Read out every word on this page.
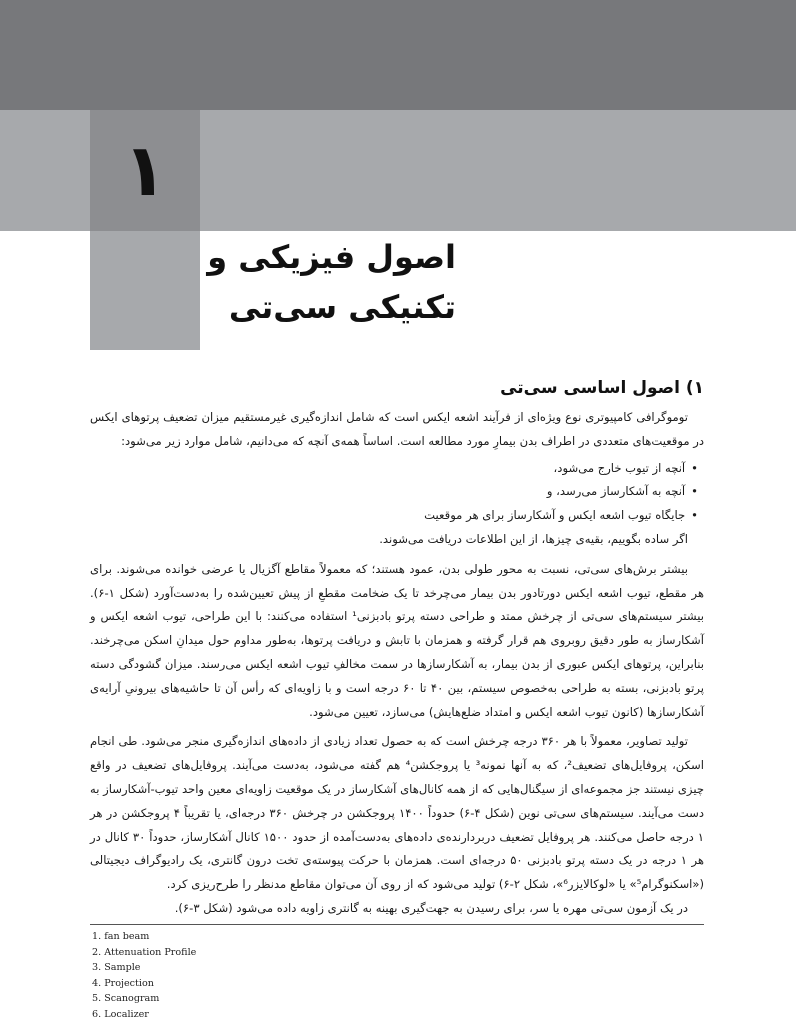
۱
اصول فیزیکی و تکنیکی سی‌تی
۱) اصول اساسی سی‌تی

توموگرافی کامپیوتری نوع ویژه‌ای از فرآیند اشعه ایکس است که شامل اندازه‌گیری غیرمستقیم میزان تضعیف پرتوهای ایکس در موقعیت‌های متعددی در اطراف بدن بیمارِ مورد مطالعه است. اساساً همه‌ی آنچه که می‌دانیم، شامل موارد زیر می‌شود:

•آنچه از تیوب خارج می‌شود،
•آنچه به آشکارساز می‌رسد، و
•جایگاه تیوب اشعه ایکس و آشکارساز برای هر موقعیت

اگر ساده بگوییم، بقیه‌ی چیزها، از این اطلاعات دریافت می‌شوند.

بیشتر برش‌های سی‌تی، نسبت به محور طولی بدن، عمود هستند؛ که معمولاً مقاطع آگزیال یا عرضی خوانده می‌شوند. برای هر مقطع، تیوب اشعه ایکس دورتادور بدن بیمار می‌چرخد تا یک ضخامت مقطعِ از پیش تعیین‌شده را به‌دست‌آورد (شکل ۱-۶). بیشتر سیستم‌های سی‌تی از چرخش ممتد و طراحی دسته پرتو بادبزنی¹ استفاده می‌کنند: با این طراحی، تیوب اشعه ایکس و آشکارساز به طور دقیق روبروی هم قرار گرفته و همزمان با تابش و دریافت پرتوها، به‌طور مداوم حول میدانِ اسکن می‌چرخند. بنابراین، پرتوهای ایکس عبوری از بدن بیمار، به آشکارسازها در سمت مخالفِ تیوب اشعه ایکس می‌رسند. میزان گشودگی دسته پرتو بادبزنی، بسته به طراحی به‌خصوص سیستم، بین ۴۰ تا ۶۰ درجه است و با زاویه‌ای که رأس آن تا حاشیه‌های بیرونیِ آرایه‌ی آشکارسازها (کانون تیوب اشعه ایکس و امتداد ضلع‌هایش) می‌سازد، تعیین می‌شود.

تولید تصاویر، معمولاً با هر ۳۶۰ درجه چرخش است که به حصول تعداد زیادی از داده‌های اندازه‌گیری منجر می‌شود. طی انجام اسکن، پروفایل‌های تضعیف²، که به آنها نمونه³ یا پروجکشن⁴ هم گفته می‌شود، به‌دست می‌آیند. پروفایل‌های تضعیف در واقع چیزی نیستند جز مجموعه‌ای از سیگنال‌هایی که از همه کانال‌های آشکارساز در یک موقعیت زاویه‌ای معین واحد تیوب-آشکارساز به دست می‌آیند. سیستم‌های سی‌تی نوین (شکل ۴-۶) حدوداً ۱۴۰۰ پروجکشن در چرخش ۳۶۰ درجه‌ای، یا تقریباً ۴ پروجکشن در هر ۱ درجه حاصل می‌کنند. هر پروفایل تضعیف دربردارنده‌ی داده‌های به‌دست‌آمده از حدود ۱۵۰۰ کانال آشکارساز، حدوداً ۳۰ کانال در هر ۱ درجه در یک دسته پرتو بادبزنی ۵۰ درجه‌ای است. همزمان با حرکت پیوسته‌ی تخت درون گانتری، یک رادیوگراف دیجیتالی («اسکنوگرام⁵» یا «لوکالایزر⁶»، شکل ۲-۶) تولید می‌شود که از روی آن می‌توان مقاطع مدنظر را طرح‌ریزی کرد.

در یک آزمون سی‌تی مهره یا سر، برای رسیدن به جهت‌گیری بهینه به گانتری زاویه داده می‌شود (شکل ۳-۶).

1. fan beam
2. Attenuation Profile
3. Sample
4. Projection
5. Scanogram
6. Localizer
